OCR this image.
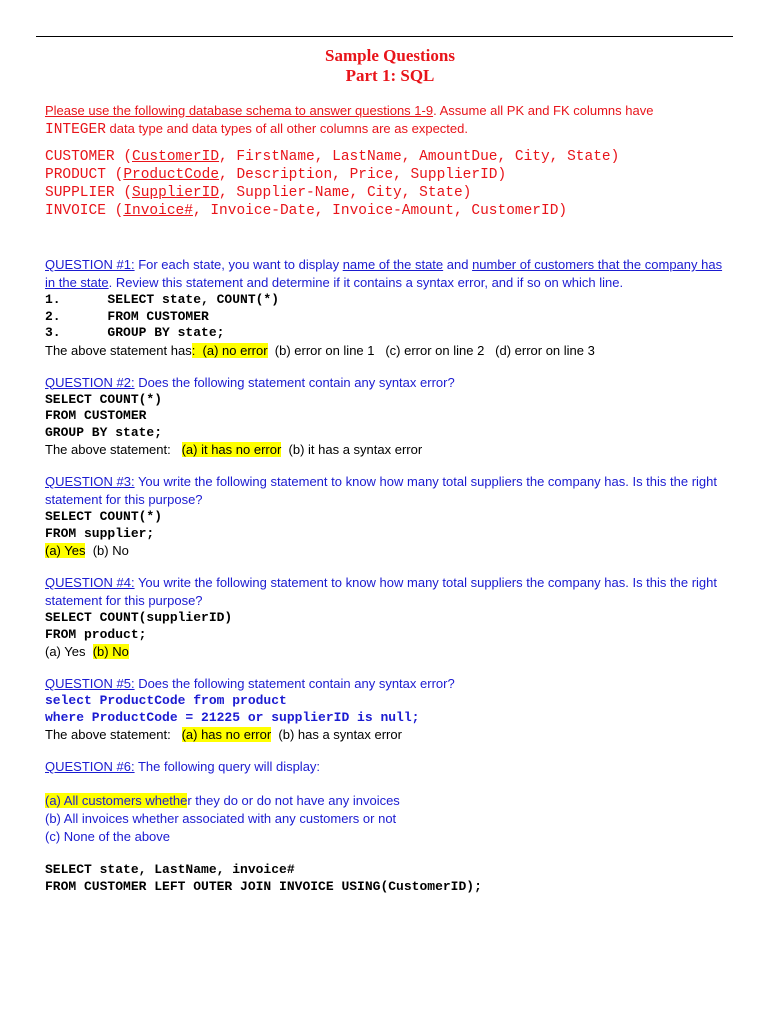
Sample Questions
Part 1: SQL
Please use the following database schema to answer questions 1-9. Assume all PK and FK columns have
INTEGER data type and data types of all other columns are as expected.
CUSTOMER (CustomerID, FirstName, LastName, AmountDue, City, State)
PRODUCT (ProductCode, Description, Price, SupplierID)
SUPPLIER (SupplierID, Supplier-Name, City, State)
INVOICE (Invoice#, Invoice-Date, Invoice-Amount, CustomerID)
QUESTION #1: For each state, you want to display name of the state and number of customers that the company has in the state. Review this statement and determine if it contains a syntax error, and if so on which line.
1.      SELECT state, COUNT(*)
2.      FROM CUSTOMER
3.      GROUP BY state;
The above statement has:  (a) no error  (b) error on line 1   (c) error on line 2   (d) error on line 3
QUESTION #2: Does the following statement contain any syntax error?
SELECT COUNT(*)
FROM CUSTOMER
GROUP BY state;
The above statement:   (a) it has no error  (b) it has a syntax error
QUESTION #3: You write the following statement to know how many total suppliers the company has. Is this the right statement for this purpose?
SELECT COUNT(*)
FROM supplier;
(a) Yes  (b) No
QUESTION #4: You write the following statement to know how many total suppliers the company has. Is this the right statement for this purpose?
SELECT COUNT(supplierID)
FROM product;
(a) Yes  (b) No
QUESTION #5: Does the following statement contain any syntax error?
select ProductCode from product
where ProductCode = 21225 or supplierID is null;
The above statement:   (a) has no error  (b) has a syntax error
QUESTION #6: The following query will display:
(a) All customers whether they do or do not have any invoices
(b) All invoices whether associated with any customers or not
(c) None of the above
SELECT state, LastName, invoice#
FROM CUSTOMER LEFT OUTER JOIN INVOICE USING(CustomerID);
